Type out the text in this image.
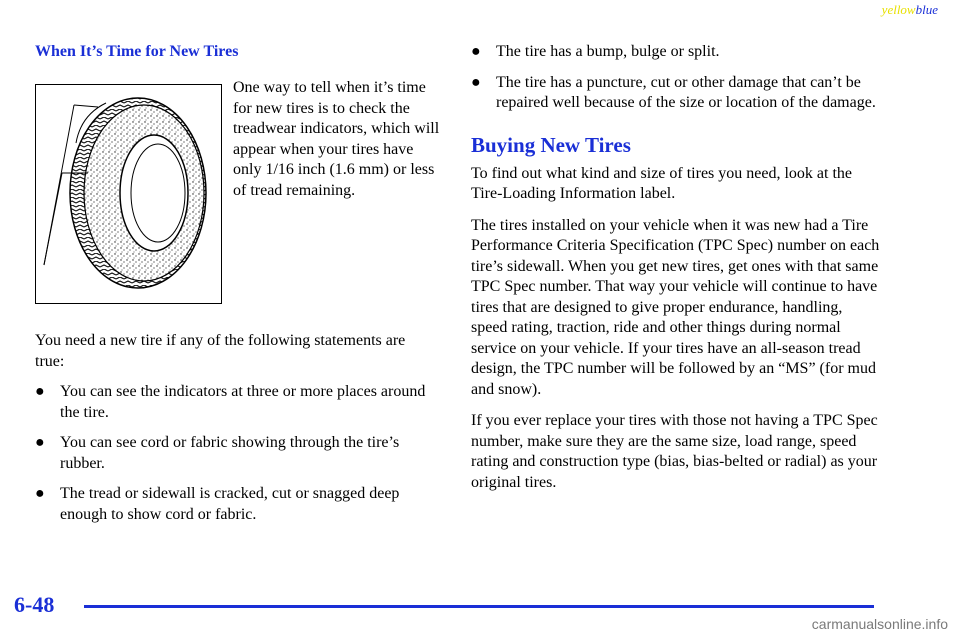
yellowblue
When It’s Time for New Tires

One way to tell when it’s time for new tires is to check the treadwear indicators, which will appear when your tires have only 1/16 inch (1.6 mm) or less of tread remaining.

You need a new tire if any of the following statements are true:

● You can see the indicators at three or more places around the tire.
● You can see cord or fabric showing through the tire’s rubber.
● The tread or sidewall is cracked, cut or snagged deep enough to show cord or fabric.
● The tire has a bump, bulge or split.
● The tire has a puncture, cut or other damage that can’t be repaired well because of the size or location of the damage.
Buying New Tires

To find out what kind and size of tires you need, look at the Tire-Loading Information label.

The tires installed on your vehicle when it was new had a Tire Performance Criteria Specification (TPC Spec) number on each tire’s sidewall. When you get new tires, get ones with that same TPC Spec number. That way your vehicle will continue to have tires that are designed to give proper endurance, handling, speed rating, traction, ride and other things during normal service on your vehicle. If your tires have an all-season tread design, the TPC number will be followed by an “MS” (for mud and snow).

If you ever replace your tires with those not having a TPC Spec number, make sure they are the same size, load range, speed rating and construction type (bias, bias-belted or radial) as your original tires.

6-48
carmanualsonline.info
